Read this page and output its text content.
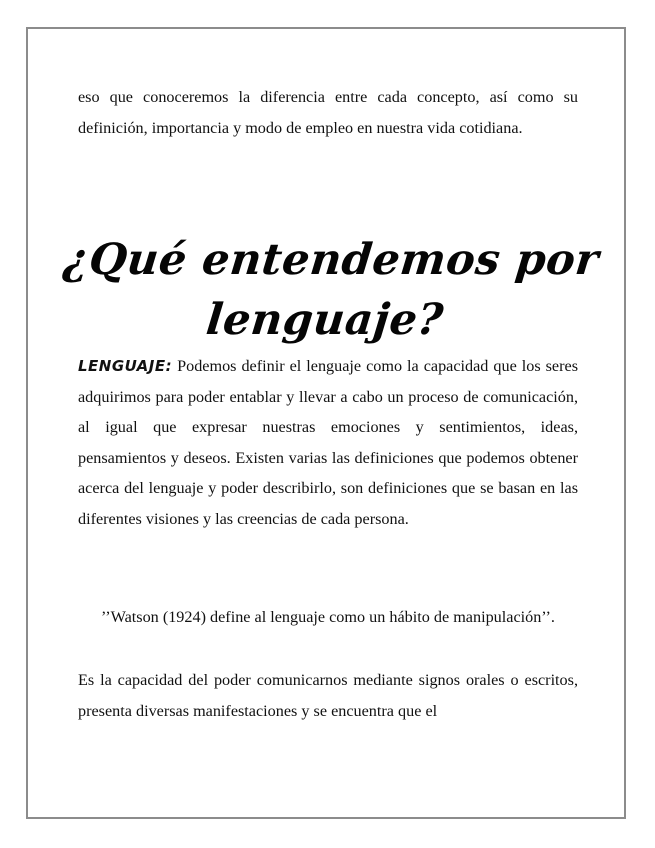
eso que conoceremos la diferencia entre cada concepto, así como su definición, importancia y modo de empleo en nuestra vida cotidiana.

¿Qué entendemos por lenguaje?

LENGUAJE: Podemos definir el lenguaje como la capacidad que los seres adquirimos para poder entablar y llevar a cabo un proceso de comunicación, al igual que expresar nuestras emociones y sentimientos, ideas, pensamientos y deseos. Existen varias las definiciones que podemos obtener acerca del lenguaje y poder describirlo, son definiciones que se basan en las diferentes visiones y las creencias de cada persona.

’’Watson (1924) define al lenguaje como un hábito de manipulación’’.

Es la capacidad del poder comunicarnos mediante signos orales o escritos, presenta diversas manifestaciones y se encuentra que el
